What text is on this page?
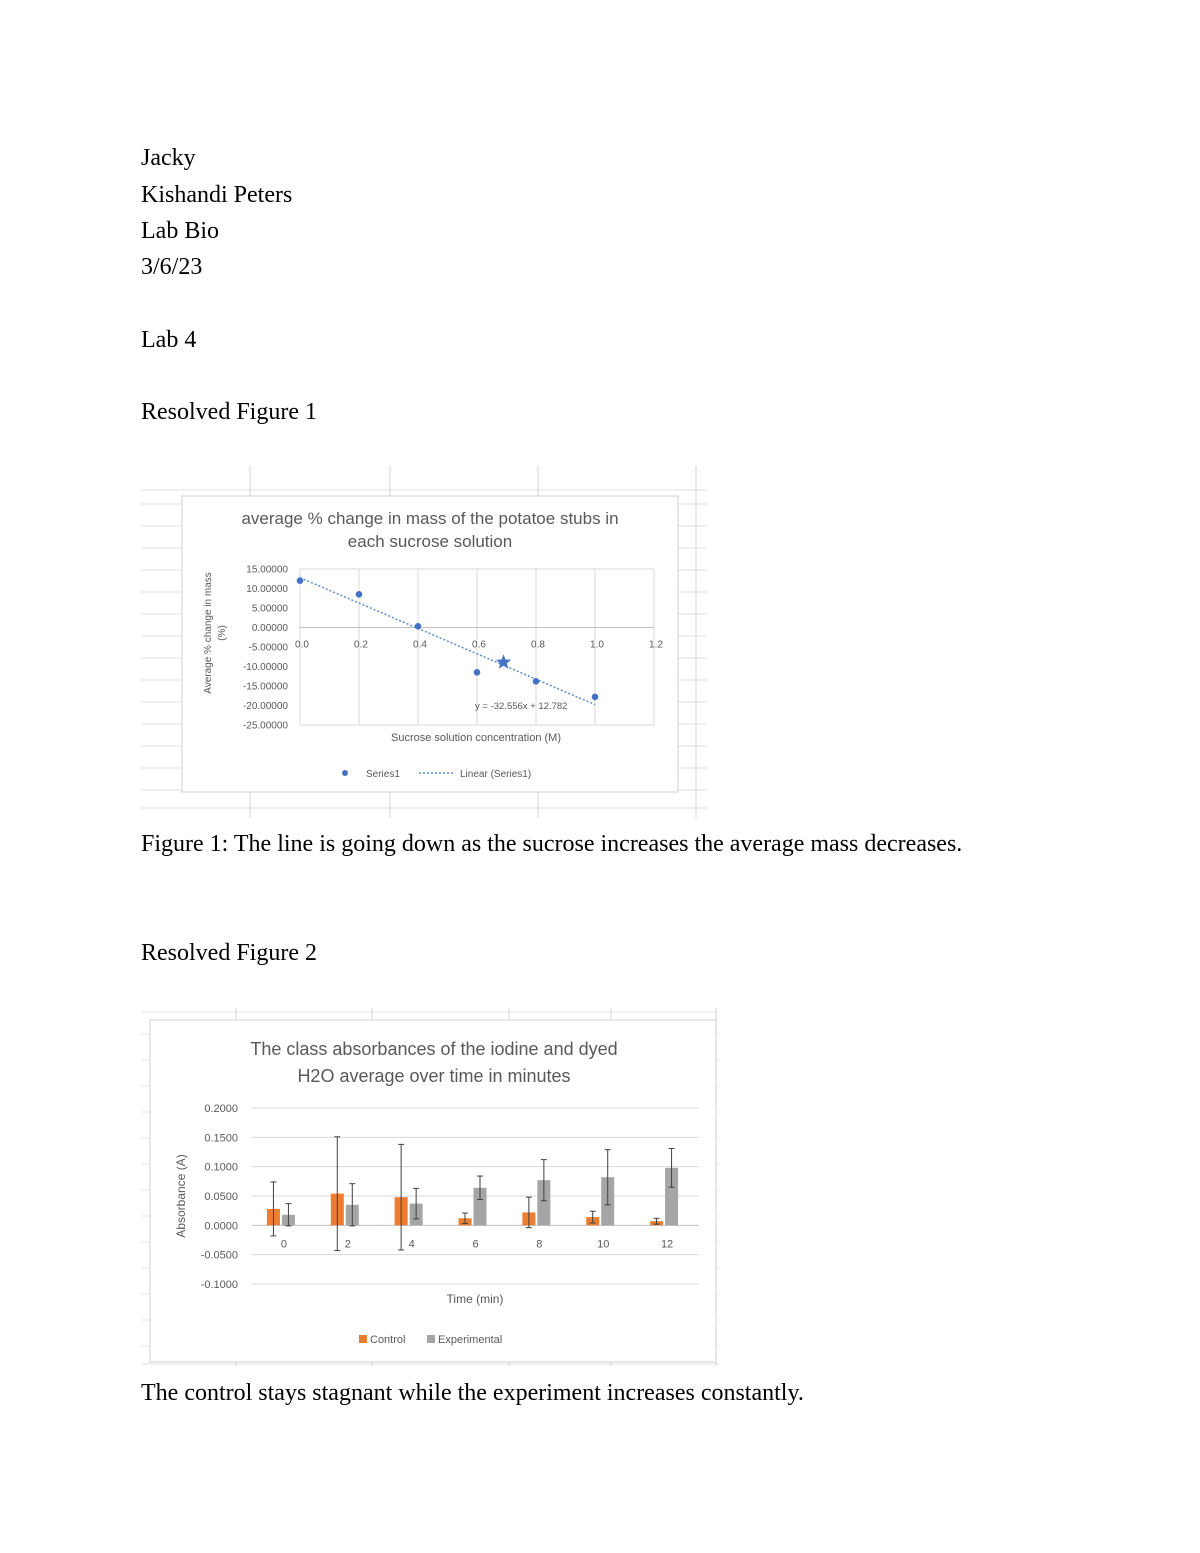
Jacky
Kishandi Peters
Lab Bio
3/6/23
Lab 4
Resolved Figure 1
average % change in mass of the potatoe stubs in
each sucrose solution
15.00000
10.00000
5.00000
0.00000
-5.00000
-10.00000
-15.00000
-20.00000
-25.00000
0.0	0.2	0.4	0.6	0.8	1.0	1.2
Average % change in mass (%)
Sucrose solution concentration (M)
y = -32.556x + 12.782
Series1	Linear (Series1)
Figure 1: The line is going down as the sucrose increases the average mass decreases.
Resolved Figure 2
The class absorbances of the iodine and dyed
H2O average over time in minutes
0.2000
0.1500
0.1000
0.0500
0.0000
-0.0500
-0.1000
0	2	4	6	8	10	12
Absorbance (A)
Time (min)
Control	Experimental
The control stays stagnant while the experiment increases constantly.
